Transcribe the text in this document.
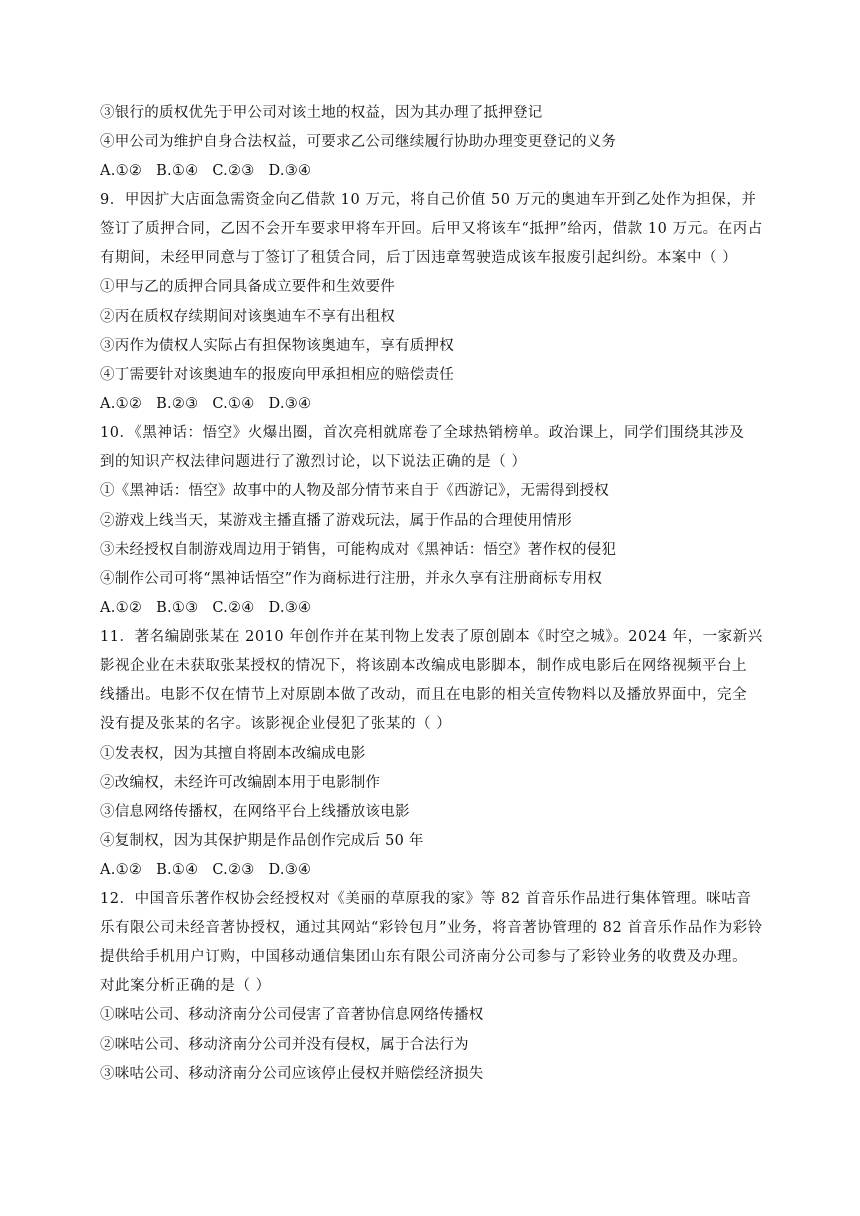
③银行的质权优先于甲公司对该土地的权益，因为其办理了抵押登记
④甲公司为维护自身合法权益，可要求乙公司继续履行协助办理变更登记的义务
A.①② B.①④ C.②③ D.③④
9．甲因扩大店面急需资金向乙借款 10 万元，将自己价值 50 万元的奥迪车开到乙处作为担保，并
签订了质押合同，乙因不会开车要求甲将车开回。后甲又将该车“抵押”给丙，借款 10 万元。在丙占
有期间，未经甲同意与丁签订了租赁合同，后丁因违章驾驶造成该车报废引起纠纷。本案中（ ）
①甲与乙的质押合同具备成立要件和生效要件
②丙在质权存续期间对该奥迪车不享有出租权
③丙作为债权人实际占有担保物该奥迪车，享有质押权
④丁需要针对该奥迪车的报废向甲承担相应的赔偿责任
A.①② B.②③ C.①④ D.③④
10．《黑神话：悟空》火爆出圈，首次亮相就席卷了全球热销榜单。政治课上，同学们围绕其涉及
到的知识产权法律问题进行了激烈讨论，以下说法正确的是（ ）
①《黑神话：悟空》故事中的人物及部分情节来自于《西游记》，无需得到授权
②游戏上线当天，某游戏主播直播了游戏玩法，属于作品的合理使用情形
③未经授权自制游戏周边用于销售，可能构成对《黑神话：悟空》著作权的侵犯
④制作公司可将“黑神话悟空”作为商标进行注册，并永久享有注册商标专用权
A.①② B.①③ C.②④ D.③④
11．著名编剧张某在 2010 年创作并在某刊物上发表了原创剧本《时空之城》。2024 年，一家新兴
影视企业在未获取张某授权的情况下，将该剧本改编成电影脚本，制作成电影后在网络视频平台上
线播出。电影不仅在情节上对原剧本做了改动，而且在电影的相关宣传物料以及播放界面中，完全
没有提及张某的名字。该影视企业侵犯了张某的（ ）
①发表权，因为其擅自将剧本改编成电影
②改编权，未经许可改编剧本用于电影制作
③信息网络传播权，在网络平台上线播放该电影
④复制权，因为其保护期是作品创作完成后 50 年
A.①② B.①④ C.②③ D.③④
12．中国音乐著作权协会经授权对《美丽的草原我的家》等 82 首音乐作品进行集体管理。咪咕音
乐有限公司未经音著协授权，通过其网站“彩铃包月”业务，将音著协管理的 82 首音乐作品作为彩铃
提供给手机用户订购，中国移动通信集团山东有限公司济南分公司参与了彩铃业务的收费及办理。
对此案分析正确的是（ ）
①咪咕公司、移动济南分公司侵害了音著协信息网络传播权
②咪咕公司、移动济南分公司并没有侵权，属于合法行为
③咪咕公司、移动济南分公司应该停止侵权并赔偿经济损失
